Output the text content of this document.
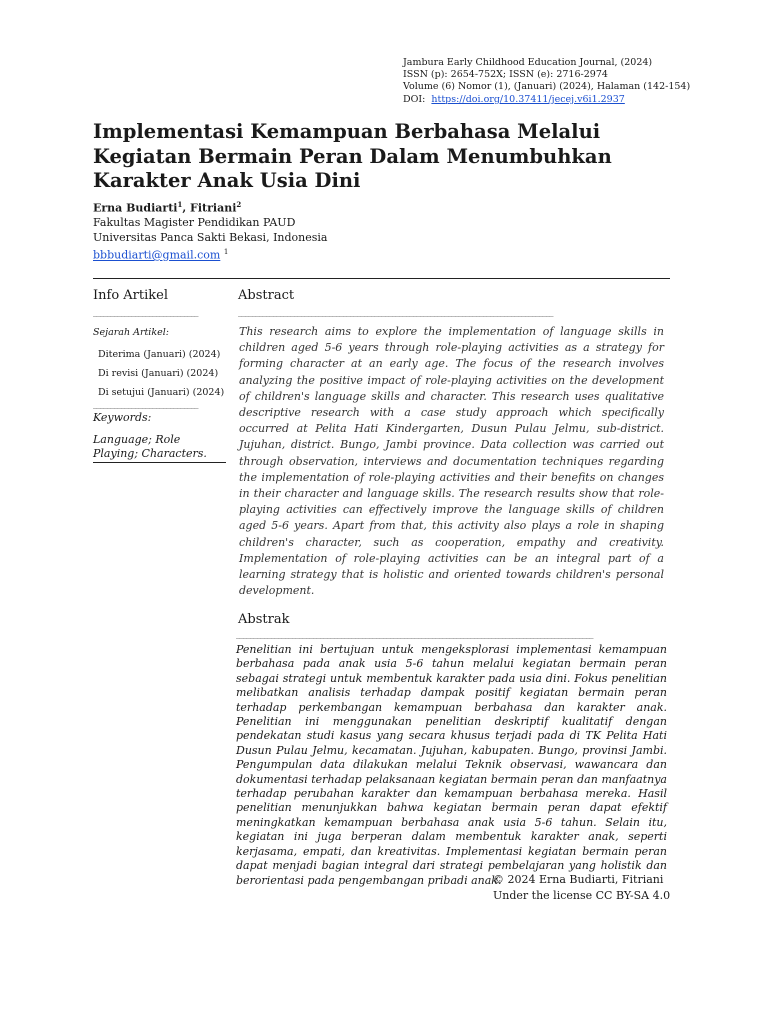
Jambura Early Childhood Education Journal, (2024)
ISSN (p): 2654-752X; ISSN (e): 2716-2974
Volume (6) Nomor (1), (Januari) (2024), Halaman (142-154)
DOI: https://doi.org/10.37411/jecej.v6i1.2937
Implementasi Kemampuan Berbahasa Melalui Kegiatan Bermain Peran Dalam Menumbuhkan Karakter Anak Usia Dini
Erna Budiarti$^1$, Fitriani$^2$
Fakultas Magister Pendidikan PAUD
Universitas Panca Sakti Bekasi, Indonesia
bbbudiarti@gmail.com $^1$
Info Artikel
______________________________
Sejarah Artikel:
Diterima (Januari) (2024)
Di revisi (Januari) (2024)
Di setujui (Januari) (2024)
______________________________
Keywords:
Language; Role Playing; Characters.
Abstract
__________________________________________________________________________________________
This research aims to explore the implementation of language skills in children aged 5-6 years through role-playing activities as a strategy for forming character at an early age. The focus of the research involves analyzing the positive impact of role-playing activities on the development of children's language skills and character. This research uses qualitative descriptive research with a case study approach which specifically occurred at Pelita Hati Kindergarten, Dusun Pulau Jelmu, sub-district. Jujuhan, district. Bungo, Jambi province. Data collection was carried out through observation, interviews and documentation techniques regarding the implementation of role-playing activities and their benefits on changes in their character and language skills. The research results show that role-playing activities can effectively improve the language skills of children aged 5-6 years. Apart from that, this activity also plays a role in shaping children's character, such as cooperation, empathy and creativity. Implementation of role-playing activities can be an integral part of a learning strategy that is holistic and oriented towards children's personal development.
Abstrak
______________________________________________________________________________________________________
Penelitian ini bertujuan untuk mengeksplorasi implementasi kemampuan berbahasa pada anak usia 5-6 tahun melalui kegiatan bermain peran sebagai strategi untuk membentuk karakter pada usia dini. Fokus penelitian melibatkan analisis terhadap dampak positif kegiatan bermain peran terhadap perkembangan kemampuan berbahasa dan karakter anak. Penelitian ini menggunakan penelitian deskriptif kualitatif dengan pendekatan studi kasus yang secara khusus terjadi pada di TK Pelita Hati Dusun Pulau Jelmu, kecamatan. Jujuhan, kabupaten. Bungo, provinsi Jambi. Pengumpulan data dilakukan melalui Teknik observasi, wawancara dan dokumentasi terhadap pelaksanaan kegiatan bermain peran dan manfaatnya terhadap perubahan karakter dan kemampuan berbahasa mereka. Hasil penelitian menunjukkan bahwa kegiatan bermain peran dapat efektif meningkatkan kemampuan berbahasa anak usia 5-6 tahun. Selain itu, kegiatan ini juga berperan dalam membentuk karakter anak, seperti kerjasama, empati, dan kreativitas. Implementasi kegiatan bermain peran dapat menjadi bagian integral dari strategi pembelajaran yang holistik dan berorientasi pada pengembangan pribadi anak.
© 2024 Erna Budiarti, Fitriani
Under the license CC BY-SA 4.0
